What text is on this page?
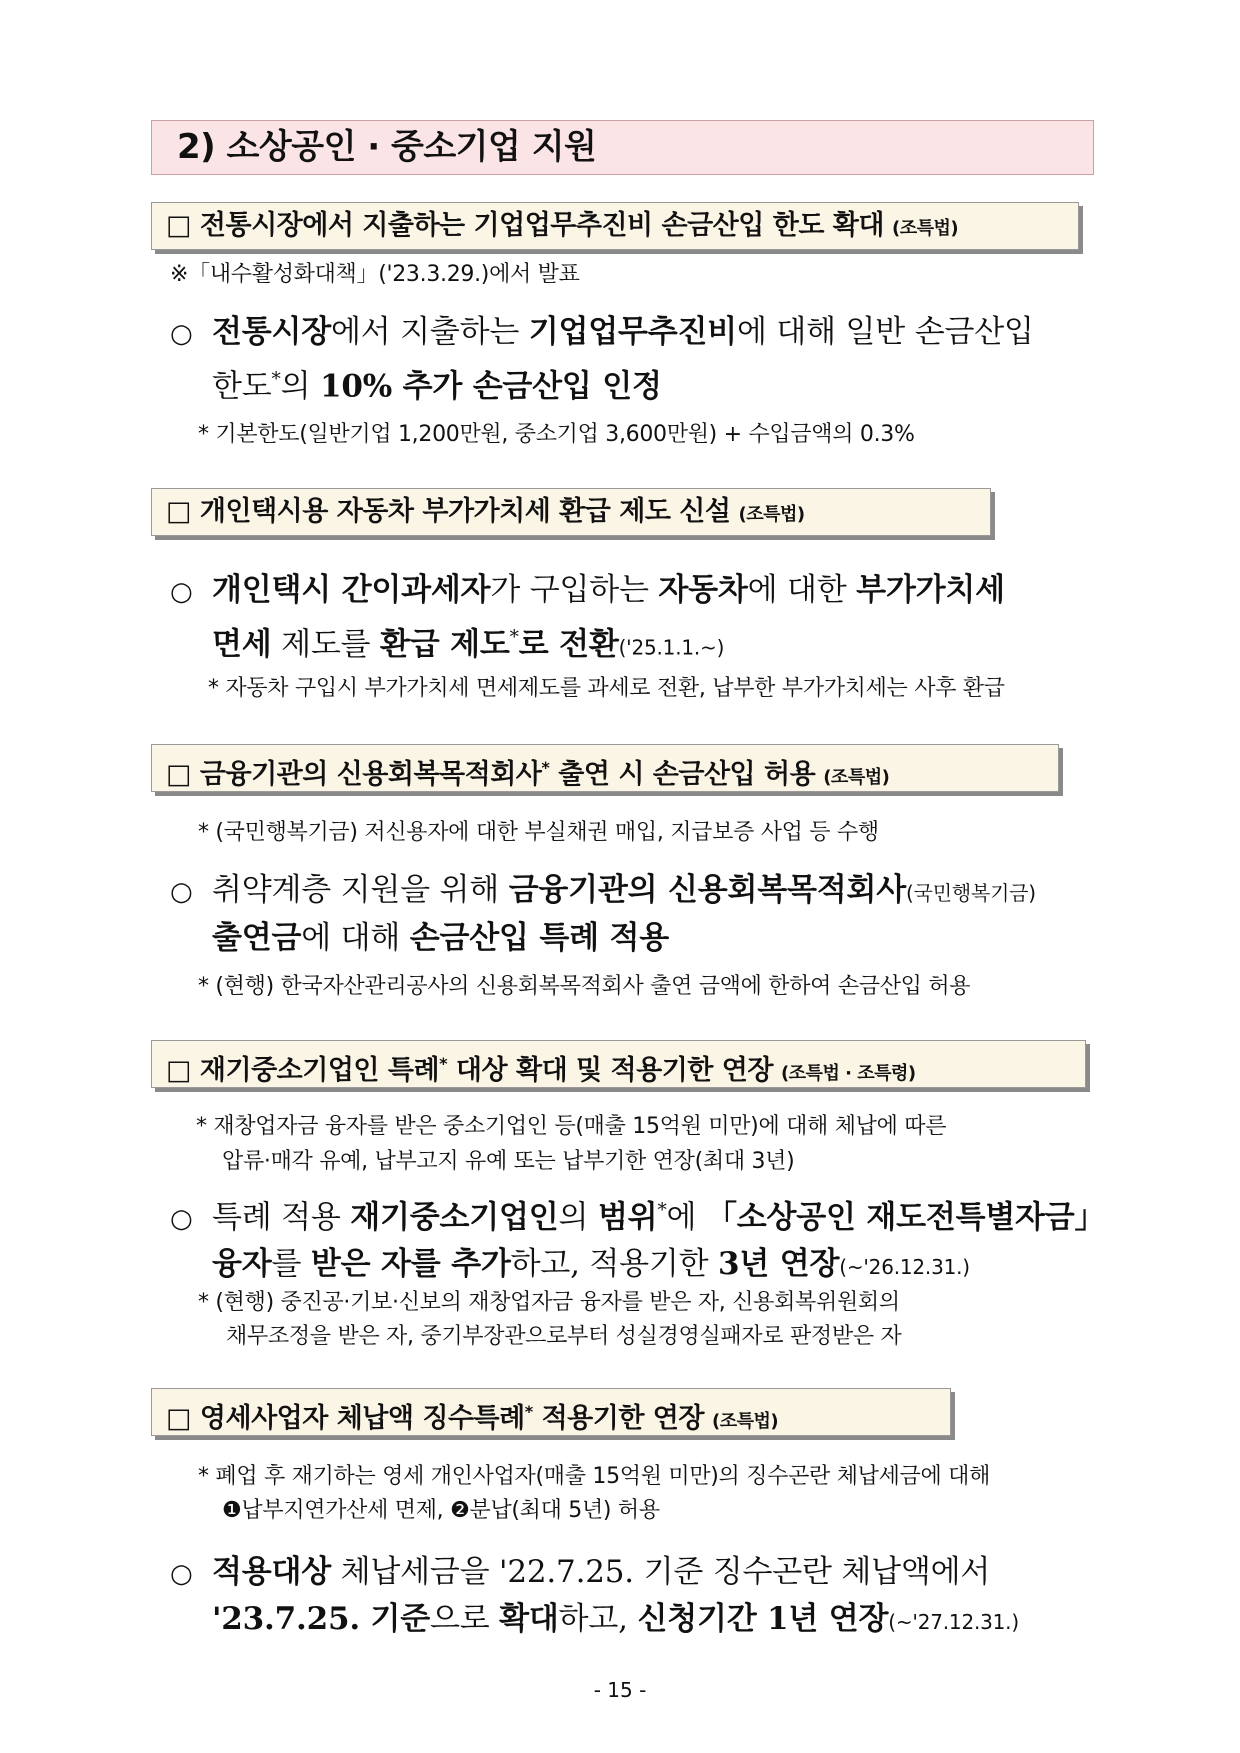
2) 소상공인 · 중소기업 지원
□ 전통시장에서 지출하는 기업업무추진비 손금산입 한도 확대 (조특법)
※「내수활성화대책」('23.3.29.)에서 발표
○ 전통시장에서 지출하는 기업업무추진비에 대해 일반 손금산입
한도*의 10% 추가 손금산입 인정
* 기본한도(일반기업 1,200만원, 중소기업 3,600만원) + 수입금액의 0.3%
□ 개인택시용 자동차 부가가치세 환급 제도 신설 (조특법)
○ 개인택시 간이과세자가 구입하는 자동차에 대한 부가가치세
면세 제도를 환급 제도*로 전환('25.1.1.~)
* 자동차 구입시 부가가치세 면세제도를 과세로 전환, 납부한 부가가치세는 사후 환급
□ 금융기관의 신용회복목적회사* 출연 시 손금산입 허용 (조특법)
* (국민행복기금) 저신용자에 대한 부실채권 매입, 지급보증 사업 등 수행
○ 취약계층 지원을 위해 금융기관의 신용회복목적회사(국민행복기금)
출연금에 대해 손금산입 특례 적용
* (현행) 한국자산관리공사의 신용회복목적회사 출연 금액에 한하여 손금산입 허용
□ 재기중소기업인 특례* 대상 확대 및 적용기한 연장 (조특법 · 조특령)
* 재창업자금 융자를 받은 중소기업인 등(매출 15억원 미만)에 대해 체납에 따른
압류·매각 유예, 납부고지 유예 또는 납부기한 연장(최대 3년)
○ 특례 적용 재기중소기업인의 범위*에 「소상공인 재도전특별자금」
융자를 받은 자를 추가하고, 적용기한 3년 연장(~'26.12.31.)
* (현행) 중진공·기보·신보의 재창업자금 융자를 받은 자, 신용회복위원회의
채무조정을 받은 자, 중기부장관으로부터 성실경영실패자로 판정받은 자
□ 영세사업자 체납액 징수특례* 적용기한 연장 (조특법)
* 폐업 후 재기하는 영세 개인사업자(매출 15억원 미만)의 징수곤란 체납세금에 대해
❶납부지연가산세 면제, ❷분납(최대 5년) 허용
○ 적용대상 체납세금을 '22.7.25. 기준 징수곤란 체납액에서
'23.7.25. 기준으로 확대하고, 신청기간 1년 연장(~'27.12.31.)
- 15 -
